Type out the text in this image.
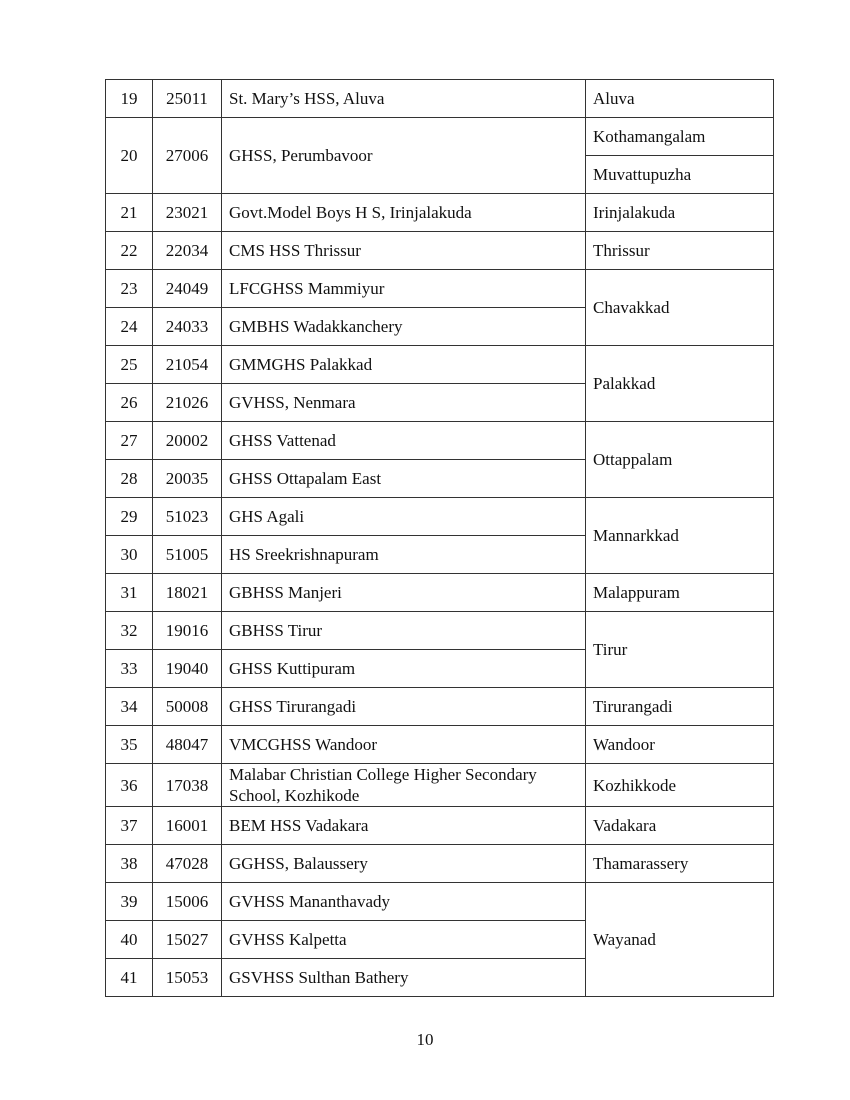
19	25011	St. Mary’s HSS, Aluva	Aluva
20	27006	GHSS, Perumbavoor	Kothamangalam
			Muvattupuzha
21	23021	Govt.Model Boys H S, Irinjalakuda	Irinjalakuda
22	22034	CMS HSS Thrissur	Thrissur
23	24049	LFCGHSS Mammiyur	Chavakkad
24	24033	GMBHS Wadakkanchery	
25	21054	GMMGHS Palakkad	Palakkad
26	21026	GVHSS, Nenmara	
27	20002	GHSS Vattenad	Ottappalam
28	20035	GHSS Ottapalam East	
29	51023	GHS Agali	Mannarkkad
30	51005	HS Sreekrishnapuram	
31	18021	GBHSS Manjeri	Malappuram
32	19016	GBHSS Tirur	Tirur
33	19040	GHSS Kuttipuram	
34	50008	GHSS Tirurangadi	Tirurangadi
35	48047	VMCGHSS Wandoor	Wandoor
36	17038	Malabar Christian College Higher Secondary School, Kozhikode	Kozhikkode
37	16001	BEM HSS Vadakara	Vadakara
38	47028	GGHSS, Balaussery	Thamarassery
39	15006	GVHSS Mananthavady	Wayanad
40	15027	GVHSS Kalpetta	
41	15053	GSVHSS Sulthan Bathery	
10
